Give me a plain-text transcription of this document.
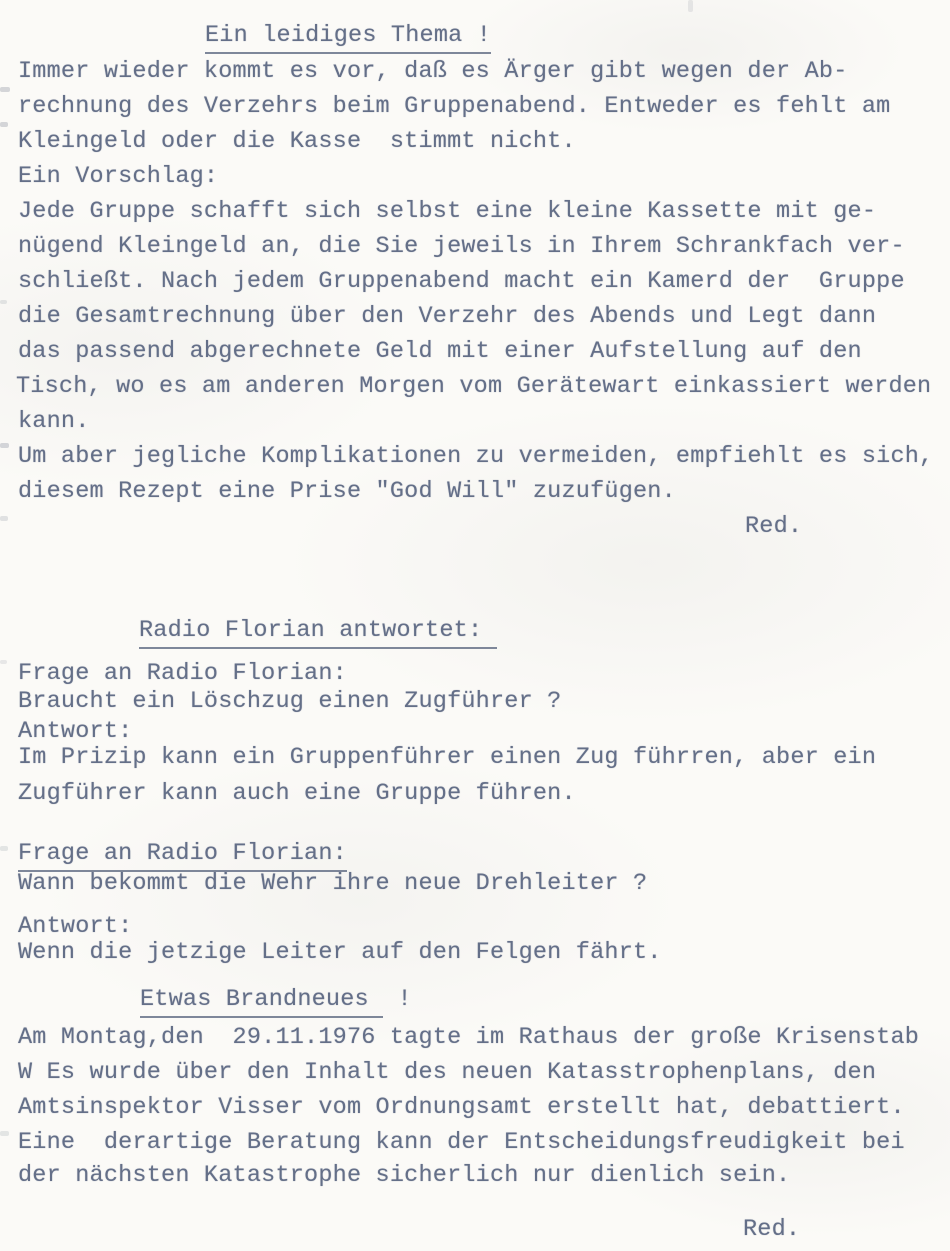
Ein leidiges Thema !
Immer wieder kommt es vor, daß es Ärger gibt wegen der Ab-
rechnung des Verzehrs beim Gruppenabend. Entweder es fehlt am
Kleingeld oder die Kasse  stimmt nicht.
Ein Vorschlag:
Jede Gruppe schafft sich selbst eine kleine Kassette mit ge-
nügend Kleingeld an, die Sie jeweils in Ihrem Schrankfach ver-
schließt. Nach jedem Gruppenabend macht ein Kamerd der  Gruppe
die Gesamtrechnung über den Verzehr des Abends und Legt dann
das passend abgerechnete Geld mit einer Aufstellung auf den
Tisch, wo es am anderen Morgen vom Gerätewart einkassiert werden
kann.
Um aber jegliche Komplikationen zu vermeiden, empfiehlt es sich,
diesem Rezept eine Prise "God Will" zuzufügen.
Red.
Radio Florian antwortet:
Frage an Radio Florian:
Braucht ein Löschzug einen Zugführer ?
Antwort:
Im Prizip kann ein Gruppenführer einen Zug führren, aber ein
Zugführer kann auch eine Gruppe führen.
Frage an Radio Florian:
Wann bekommt die Wehr ihre neue Drehleiter ?
Antwort:
Wenn die jetzige Leiter auf den Felgen fährt.
Etwas Brandneues  !
Am Montag,den  29.11.1976 tagte im Rathaus der große Krisenstab
W Es wurde über den Inhalt des neuen Katasstrophenplans, den
Amtsinspektor Visser vom Ordnungsamt erstellt hat, debattiert.
Eine  derartige Beratung kann der Entscheidungsfreudigkeit bei
der nächsten Katastrophe sicherlich nur dienlich sein.
Red.
